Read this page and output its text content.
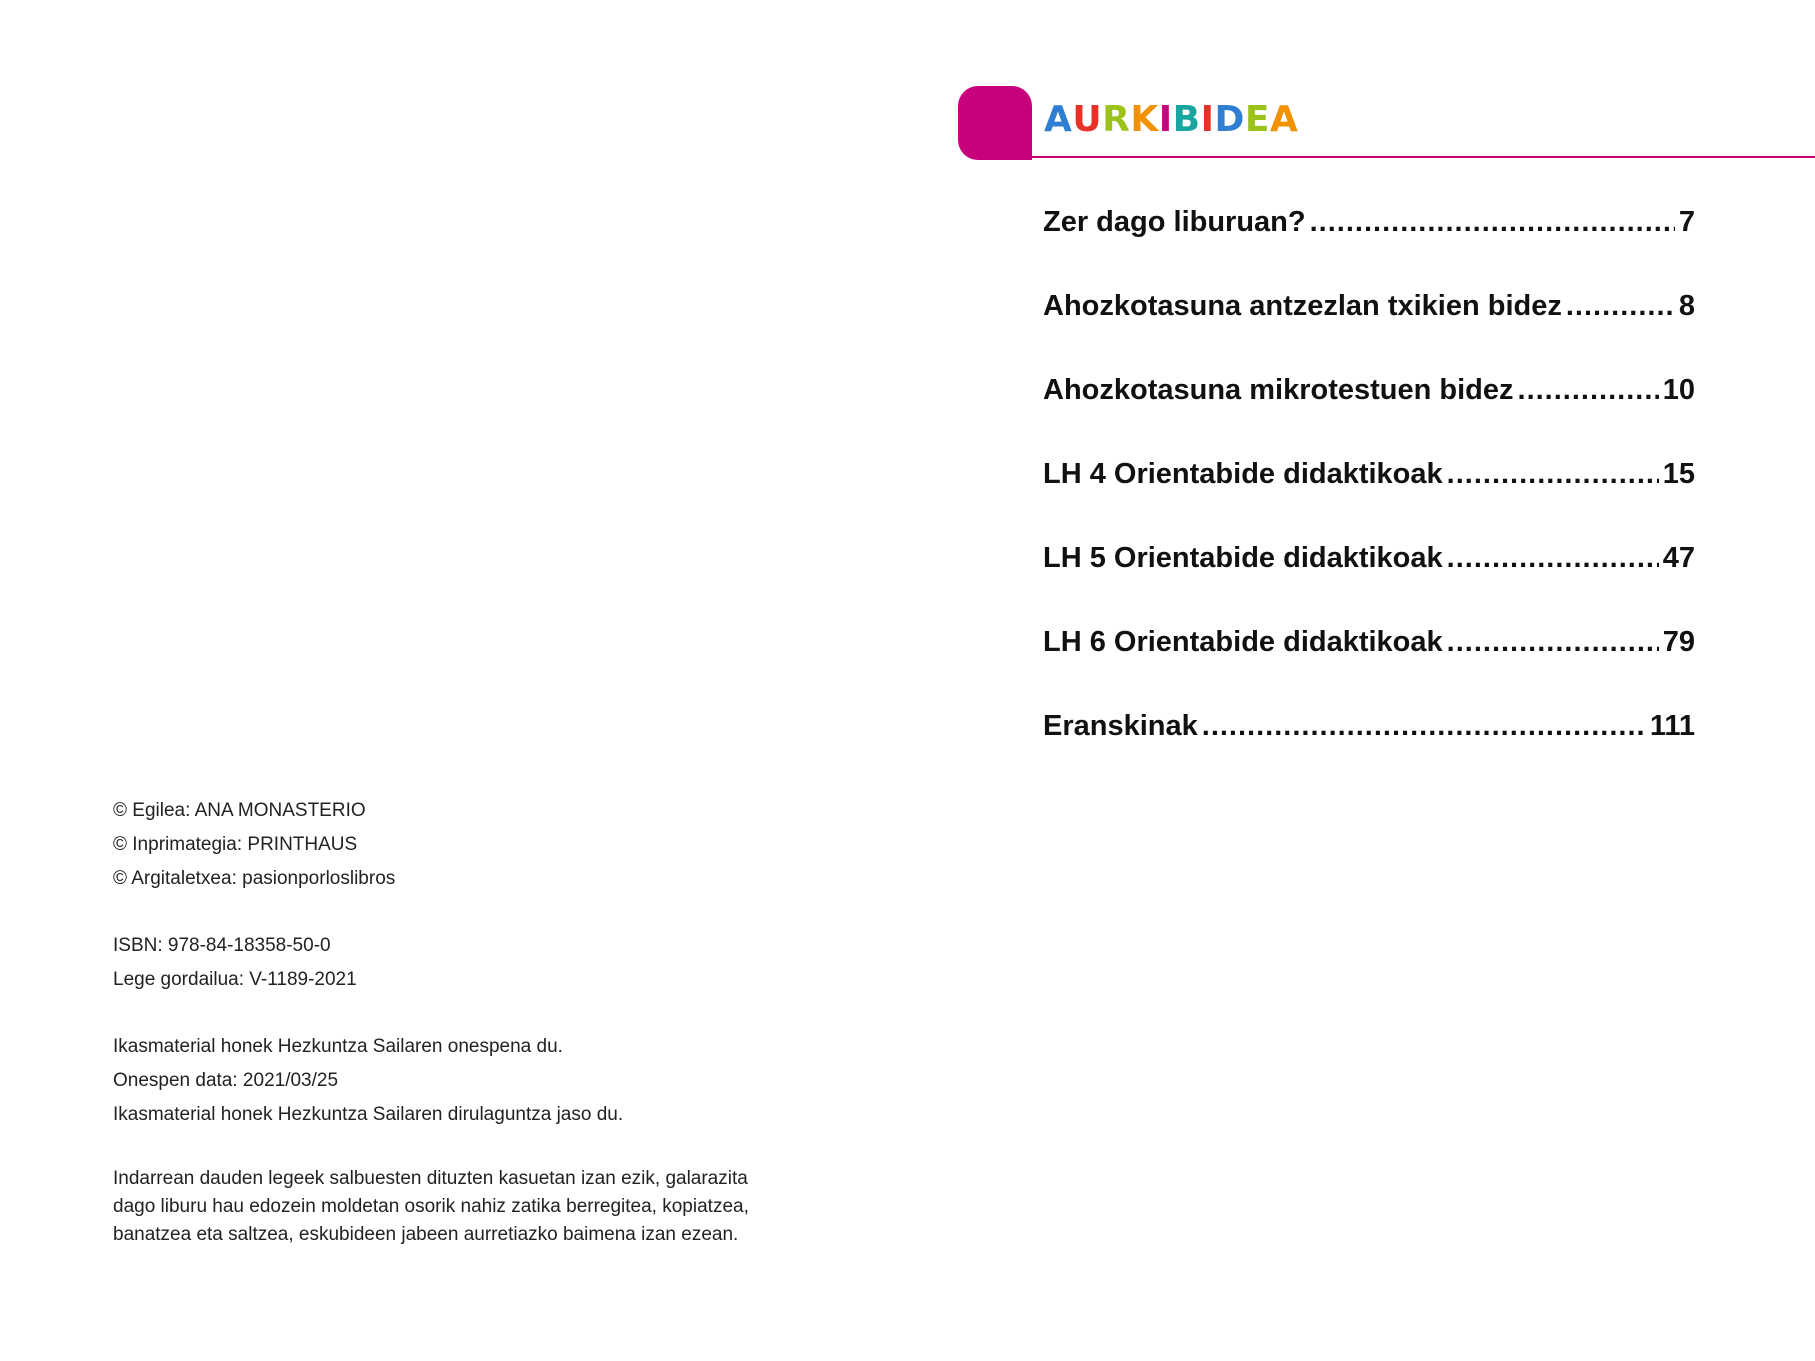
AURKIBIDEA
Zer dago liburuan? .....	7
Ahozkotasuna antzezlan txikien bidez .....	8
Ahozkotasuna mikrotestuen bidez .....	10
LH 4 Orientabide didaktikoak .....	15
LH 5 Orientabide didaktikoak .....	47
LH 6 Orientabide didaktikoak .....	79
Eranskinak .....	111

© Egilea: ANA MONASTERIO

© Inprimategia: PRINTHAUS

© Argitaletxea: pasionporloslibros

ISBN: 978-84-18358-50-0

Lege gordailua: V-1189-2021

Ikasmaterial honek Hezkuntza Sailaren onespena du.

Onespen data: 2021/03/25

Ikasmaterial honek Hezkuntza Sailaren dirulaguntza jaso du.

Indarrean dauden legeek salbuesten dituzten kasuetan izan ezik, galarazita

dago liburu hau edozein moldetan osorik nahiz zatika berregitea, kopiatzea,

banatzea eta saltzea, eskubideen jabeen aurretiazko baimena izan ezean.
